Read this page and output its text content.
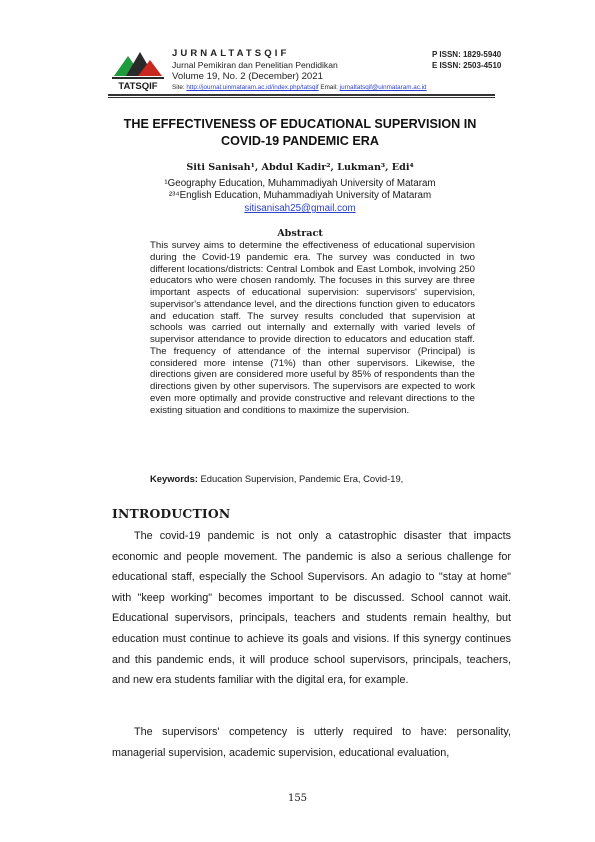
TATSQIF
JURNALTATSQIF
Jurnal Pemikiran dan Penelitian Pendidikan
Volume 19, No. 2 (December) 2021
Site: http://journal.uinmataram.ac.id/index.php/tatsqif Email: jurnaltatsqif@uinmataram.ac.id
P ISSN: 1829-5940
E ISSN: 2503-4510
THE EFFECTIVENESS OF EDUCATIONAL SUPERVISION IN COVID-19 PANDEMIC ERA
Siti Sanisah¹, Abdul Kadir², Lukman³, Edi⁴
¹Geography Education, Muhammadiyah University of Mataram
²³⁴English Education, Muhammadiyah University of Mataram
sitisanisah25@gmail.com
Abstract
This survey aims to determine the effectiveness of educational supervision during the Covid-19 pandemic era. The survey was conducted in two different locations/districts: Central Lombok and East Lombok, involving 250 educators who were chosen randomly. The focuses in this survey are three important aspects of educational supervision: supervisors' supervision, supervisor's attendance level, and the directions function given to educators and education staff. The survey results concluded that supervision at schools was carried out internally and externally with varied levels of supervisor attendance to provide direction to educators and education staff. The frequency of attendance of the internal supervisor (Principal) is considered more intense (71%) than other supervisors. Likewise, the directions given are considered more useful by 85% of respondents than the directions given by other supervisors. The supervisors are expected to work even more optimally and provide constructive and relevant directions to the existing situation and conditions to maximize the supervision.
Keywords: Education Supervision, Pandemic Era, Covid-19,
INTRODUCTION

The covid-19 pandemic is not only a catastrophic disaster that impacts economic and people movement. The pandemic is also a serious challenge for educational staff, especially the School Supervisors. An adagio to "stay at home" with "keep working" becomes important to be discussed. School cannot wait. Educational supervisors, principals, teachers and students remain healthy, but education must continue to achieve its goals and visions. If this synergy continues and this pandemic ends, it will produce school supervisors, principals, teachers, and new era students familiar with the digital era, for example.

The supervisors' competency is utterly required to have: personality, managerial supervision, academic supervision, educational evaluation,

155
